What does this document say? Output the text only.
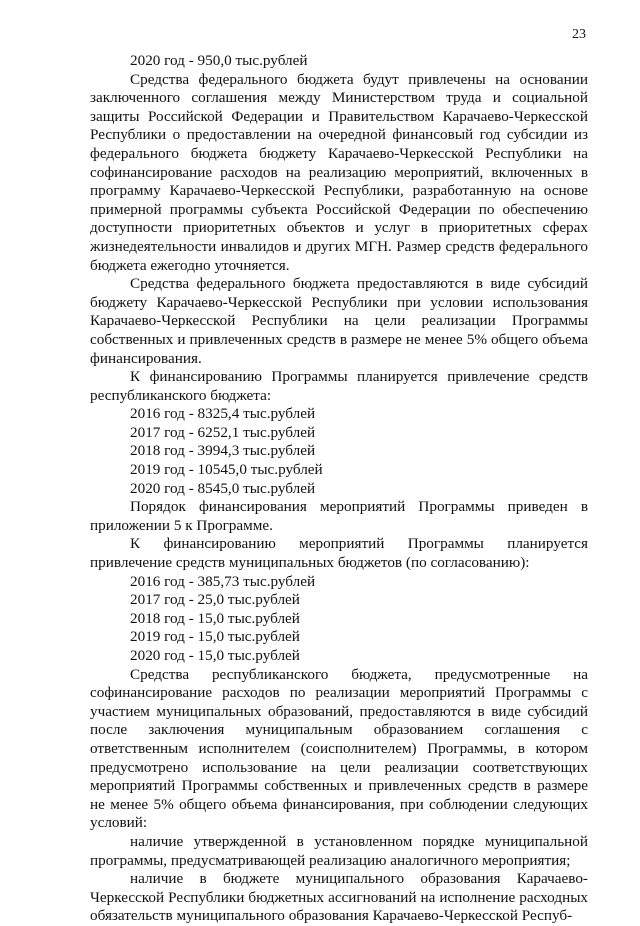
23

2020 год - 950,0 тыс.рублей

Средства федерального бюджета будут привлечены на основании заключенного соглашения между Министерством труда и социальной защиты Российской Федерации и Правительством Карачаево-Черкесской Республики о предоставлении на очередной финансовый год субсидии из федерального бюджета бюджету Карачаево-Черкесской Республики на софинансирование расходов на реализацию мероприятий, включенных в программу Карачаево-Черкесской Республики, разработанную на основе примерной программы субъекта Российской Федерации по обеспечению доступности приоритетных объектов и услуг в приоритетных сферах жизнедеятельности инвалидов и других МГН. Размер средств федерального бюджета ежегодно уточняется.

Средства федерального бюджета предоставляются в виде субсидий бюджету Карачаево-Черкесской Республики при условии использования Карачаево-Черкесской Республики на цели реализации Программы собственных и привлеченных средств в размере не менее 5% общего объема финансирования.

К финансированию Программы планируется привлечение средств республиканского бюджета:

2016 год - 8325,4 тыс.рублей

2017 год - 6252,1 тыс.рублей

2018 год - 3994,3 тыс.рублей

2019 год - 10545,0 тыс.рублей

2020 год - 8545,0 тыс.рублей

Порядок финансирования мероприятий Программы приведен в приложении 5 к Программе.

К финансированию мероприятий Программы планируется привлечение средств муниципальных бюджетов (по согласованию):

2016 год - 385,73 тыс.рублей

2017 год - 25,0 тыс.рублей

2018 год - 15,0 тыс.рублей

2019 год - 15,0 тыс.рублей

2020 год - 15,0 тыс.рублей

Средства республиканского бюджета, предусмотренные на софинансирование расходов по реализации мероприятий Программы с участием муниципальных образований, предоставляются в виде субсидий после заключения муниципальным образованием соглашения с ответственным исполнителем (соисполнителем) Программы, в котором предусмотрено использование на цели реализации соответствующих мероприятий Программы собственных и привлеченных средств в размере не менее 5% общего объема финансирования, при соблюдении следующих условий:

наличие утвержденной в установленном порядке муниципальной программы, предусматривающей реализацию аналогичного мероприятия;

наличие в бюджете муниципального образования Карачаево-Черкесской Республики бюджетных ассигнований на исполнение расходных обязательств муниципального образования Карачаево-Черкесской Респуб-
